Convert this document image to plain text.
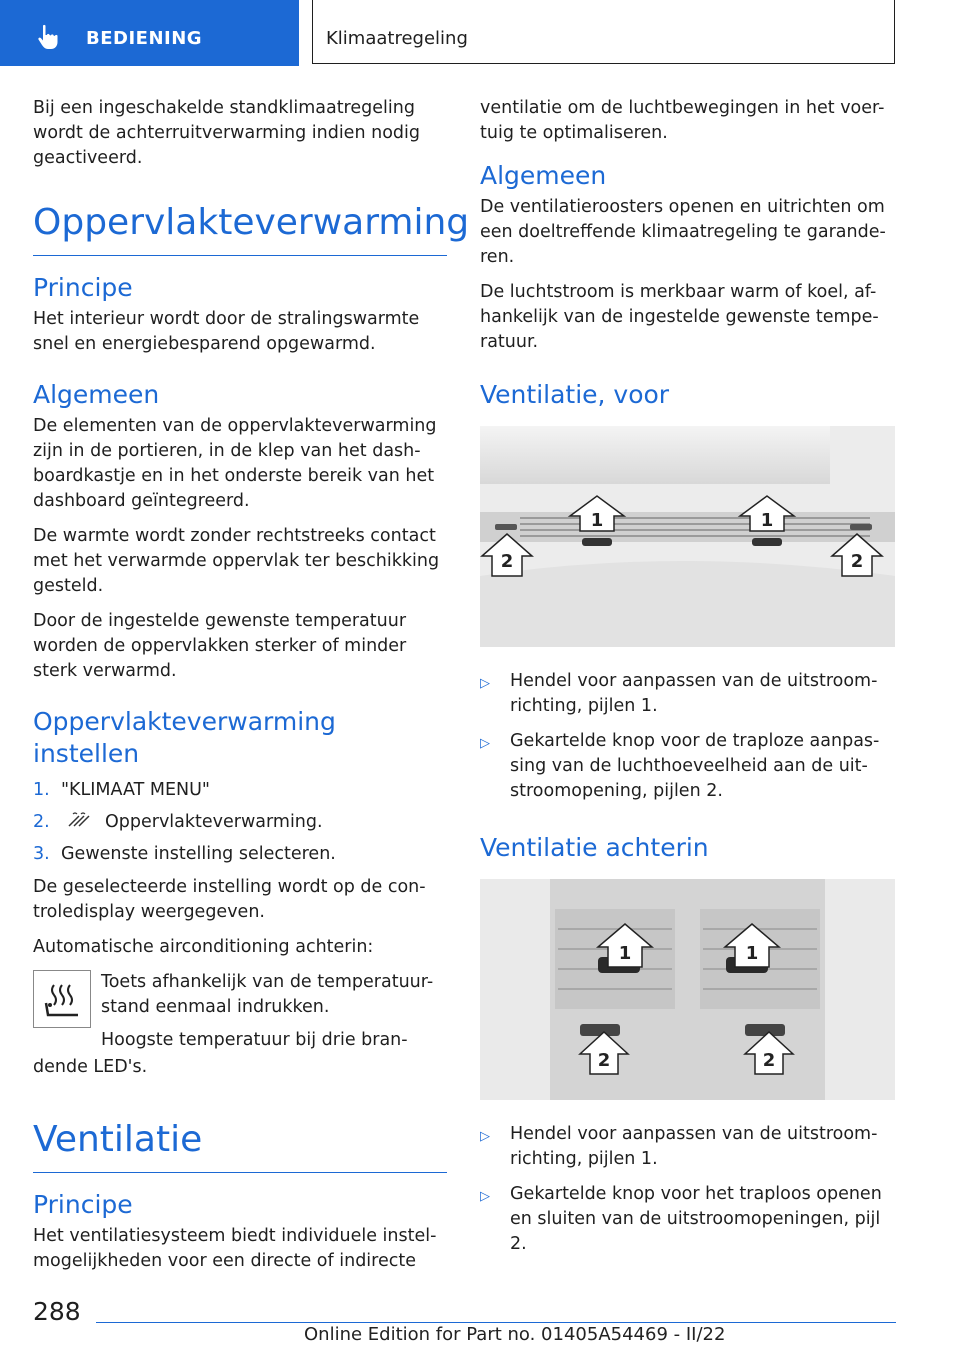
BEDIENING	Klimaatregeling

Bij een ingeschakelde standklimaatregeling wordt de achterruitverwarming indien nodig geactiveerd.

Oppervlakteverwarming
Principe

Het interieur wordt door de stralingswarmte snel en energiebesparend opgewarmd.

Algemeen

De elementen van de oppervlakteverwarming zijn in de portieren, in de klep van het dash-boardkastje en in het onderste bereik van het dashboard geïntegreerd.

De warmte wordt zonder rechtstreeks contact met het verwarmde oppervlak ter beschikking gesteld.

Door de ingestelde gewenste temperatuur worden de oppervlakken sterker of minder sterk verwarmd.

Oppervlakteverwarming instellen
1. "KLIMAAT MENU"
2.	Oppervlakteverwarming.
3. Gewenste instelling selecteren.

De geselecteerde instelling wordt op de con-troledisplay weergegeven.

Automatische airconditioning achterin:

Toets afhankelijk van de temperatuur-stand eenmaal indrukken.

Hoogste temperatuur bij drie bran-

dende LED's.

Ventilatie
Principe

Het ventilatiesysteem biedt individuele instel-mogelijkheden voor een directe of indirecte

ventilatie om de luchtbewegingen in het voer-tuig te optimaliseren.

Algemeen

De ventilatieroosters openen en uitrichten om een doeltreffende klimaatregeling te garande-ren.

De luchtstroom is merkbaar warm of koel, af-hankelijk van de ingestelde gewenste tempe-ratuur.

Ventilatie, voor
1	1
2	2
▷	Hendel voor aanpassen van de uitstroom-richting, pijlen 1.
▷	Gekartelde knop voor de traploze aanpas-sing van de luchthoeveelheid aan de uit-stroomopening, pijlen 2.
Ventilatie achterin
1	1
2	2
▷	Hendel voor aanpassen van de uitstroom-richting, pijlen 1.
▷	Gekartelde knop voor het traploos openen en sluiten van de uitstroomopeningen, pijl 2.
288
Online Edition for Part no. 01405A54469 - II/22
